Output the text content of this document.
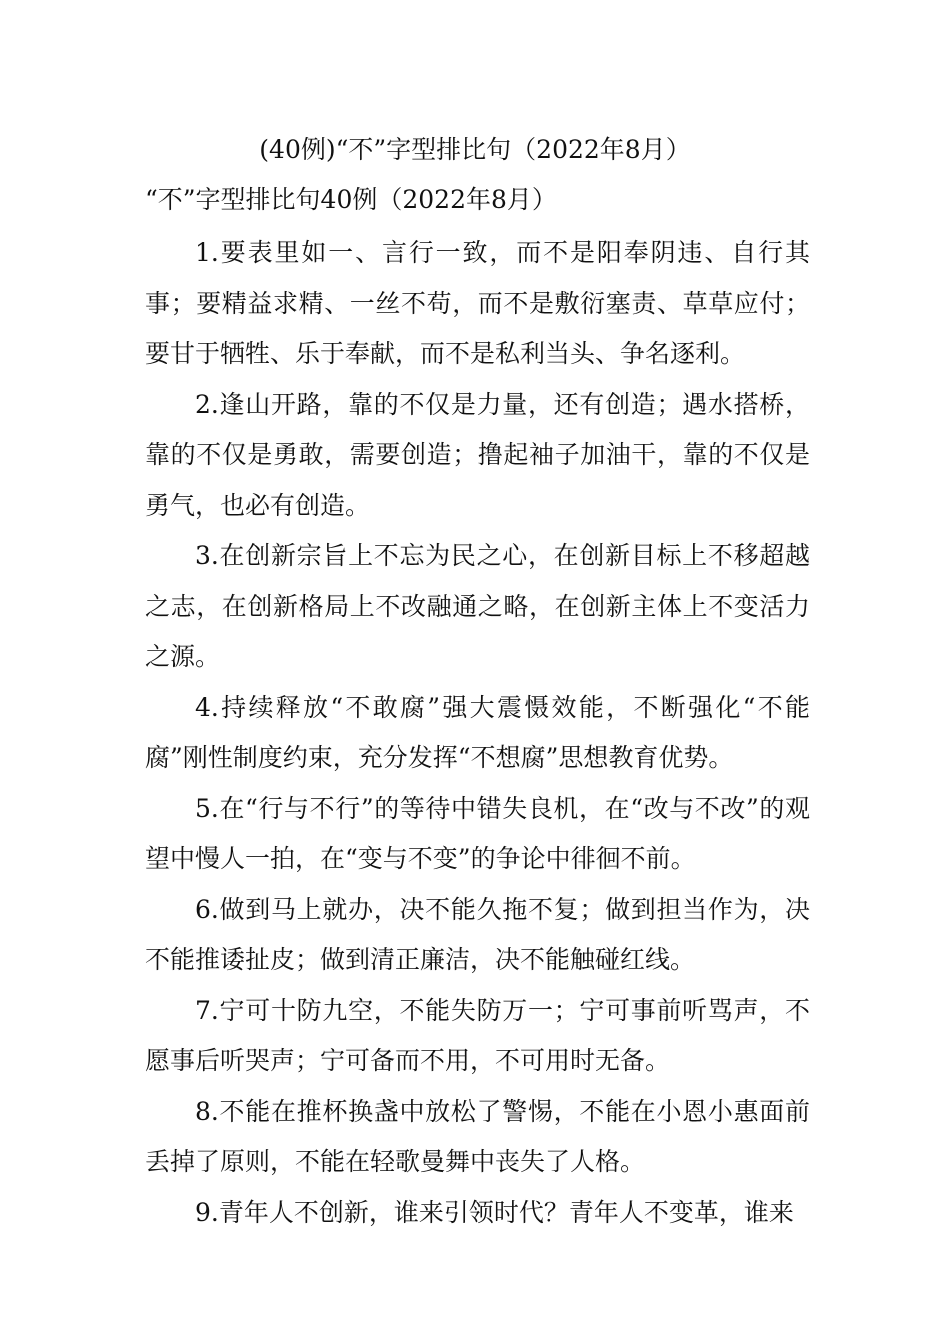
(40例)“不”字型排比句（2022年8月）
“不”字型排比句40例（2022年8月）

1.要表里如一、言行一致，而不是阳奉阴违、自行其事；要精益求精、一丝不苟，而不是敷衍塞责、草草应付；要甘于牺牲、乐于奉献，而不是私利当头、争名逐利。

2.逢山开路，靠的不仅是力量，还有创造；遇水搭桥，靠的不仅是勇敢，需要创造；撸起袖子加油干，靠的不仅是勇气，也必有创造。

3.在创新宗旨上不忘为民之心，在创新目标上不移超越之志，在创新格局上不改融通之略，在创新主体上不变活力之源。

4.持续释放“不敢腐”强大震慑效能，不断强化“不能腐”刚性制度约束，充分发挥“不想腐”思想教育优势。

5.在“行与不行”的等待中错失良机，在“改与不改”的观望中慢人一拍，在“变与不变”的争论中徘徊不前。

6.做到马上就办，决不能久拖不复；做到担当作为，决不能推诿扯皮；做到清正廉洁，决不能触碰红线。

7.宁可十防九空，不能失防万一；宁可事前听骂声，不愿事后听哭声；宁可备而不用，不可用时无备。

8.不能在推杯换盏中放松了警惕，不能在小恩小惠面前丢掉了原则，不能在轻歌曼舞中丧失了人格。

9.青年人不创新，谁来引领时代？青年人不变革，谁来
